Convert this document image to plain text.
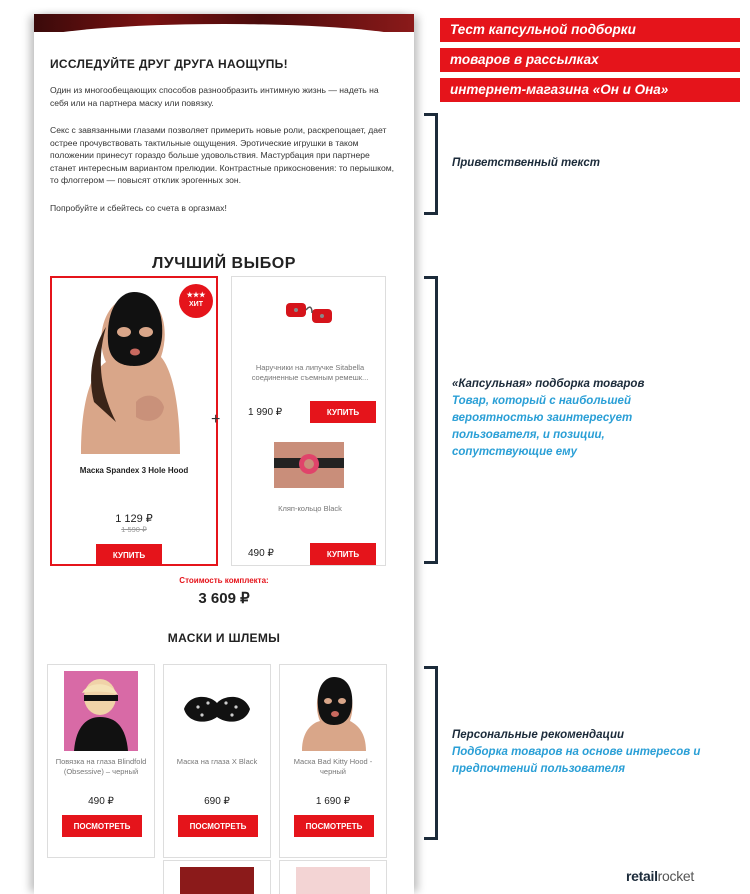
ИССЛЕДУЙТЕ ДРУГ ДРУГА НАОЩУПЬ!
Один из многообещающих способов разнообразить интимную жизнь — надеть на себя или на партнера маску или повязку.
Секс с завязанными глазами позволяет примерить новые роли, раскрепощает, дает острее прочувствовать тактильные ощущения. Эротические игрушки в таком положении принесут гораздо больше удовольствия. Мастурбация при партнере станет интересным вариантом прелюдии. Контрастные прикосновения: то перышком, то флоггером — повысят отклик эрогенных зон.
Попробуйте и сбейтесь со счета в оргазмах!
ЛУЧШИЙ ВЫБОР
★★★
ХИТ
Маска Spandex 3 Hole Hood
1 129 ₽
1 590 ₽
КУПИТЬ
+
Наручники на липучке Sitabella соединенные съемным ремешк...
1 990 ₽	КУПИТЬ
Кляп-кольцо Black
490 ₽	КУПИТЬ
Стоимость комплекта:
3 609 ₽
МАСКИ И ШЛЕМЫ
Повязка на глаза Blindfold (Obsessive) – черный
490 ₽
ПОСМОТРЕТЬ
Маска на глаза X Black
690 ₽
ПОСМОТРЕТЬ
Маска Bad Kitty Hood - черный
1 690 ₽
ПОСМОТРЕТЬ
Тест капсульной подборки
товаров в рассылках
интернет-магазина «Он и Она»
Приветственный текст
«Капсульная» подборка товаров
Товар, который с наибольшей вероятностью заинтересует пользователя, и позиции, сопутствующие ему
Персональные рекомендации
Подборка товаров на основе интересов и предпочтений пользователя
retailrocket
